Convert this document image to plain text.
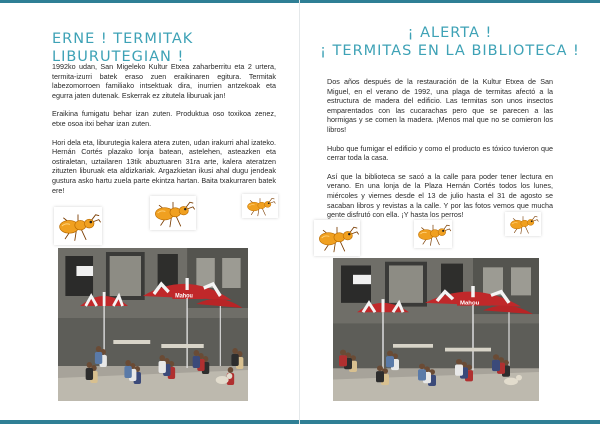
ERNE ! TERMITAK LIBURUTEGIAN !

1992ko udan, San Migeleko Kultur Etxea zaharberritu eta 2 urtera, termita-izurri batek eraso zuen eraikinaren egitura. Termitak labezomorroen familiako intsektuak dira, inurrien antzekoak eta egurra jaten dutenak. Eskerrak ez zitutela liburuak jan!

Eraikina fumigatu behar izan zuten. Produktua oso toxikoa zenez, etxe osoa itxi behar izan zuten.

Hori dela eta, liburutegia kalera atera zuten, udan irakurri ahal izateko. Hernán Cortés plazako lonja batean, astelehen, asteazken eta ostiraletan, uztailaren 13tik abuztuaren 31ra arte, kalera ateratzen zituzten liburuak eta aldizkariak. Argazkietan ikusi ahal dugu jendeak gustura asko hartu zuela parte ekintza hartan. Baita txakurraren batek ere!

Mahou
¡ ALERTA !
¡ TERMITAS EN LA BIBLIOTECA !

Dos años después de la restauración de la Kultur Etxea de San Miguel, en el verano de 1992, una plaga de termitas afectó a la estructura de madera del edificio. Las termitas son unos insectos emparentados con las cucarachas pero que se parecen a las hormigas y se comen la madera. ¡Menos mal que no se comieron los libros!

Hubo que fumigar el edificio y como el producto es tóxico tuvieron que cerrar toda la casa.

Así que la biblioteca se sacó a la calle para poder tener lectura en verano. En una lonja de la Plaza Hernán Cortés todos los lunes, miércoles y viernes desde el 13 de julio hasta el 31 de agosto se sacaban libros y revistas a la calle. Y por las fotos vemos que mucha gente disfrutó con ella. ¡Y hasta los perros!

Mahou
